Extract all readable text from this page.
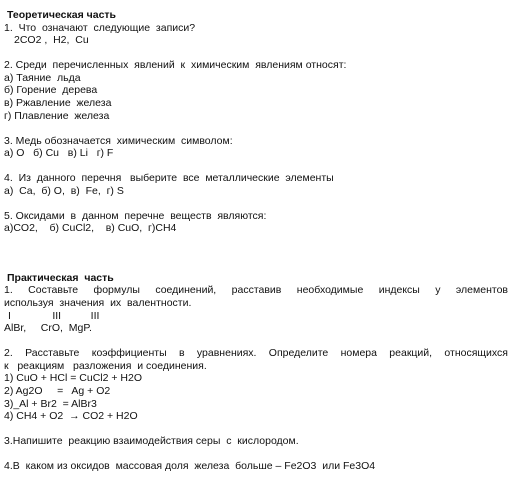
Теоретическая часть
1.  Что  означают  следующие  записи?
2CO2 ,  H2,  Cu
2. Среди  перечисленных  явлений  к  химическим  явлениям относят:
а) Таяние  льда
б) Горение  дерева
в) Ржавление  железа
г) Плавление  железа
3. Медь обозначается  химическим  символом:
а) О   б) Cu   в) Li   г) F
4.  Из  данного  перечня   выберите  все  металлические  элементы
а)  Ca,  б) О,  в)  Fe,  г) S
5. Оксидами  в  данном  перечне  веществ  являются:
а)CO2,    б) CuCl2,    в) CuO,  г)CH4
Практическая  часть
1. Составьте формулы соединений, расставив необходимые индексы у элементов
используя  значения  их  валентности.
I       III     III
AlBr,     CrO,  MgP.
2. Расставьте коэффициенты в уравнениях. Определите номера реакций, относящихся
к   реакциям   разложения  и соединения.
1) CuO + HCl = CuCl2 + H2O
2) Ag2O     =   Ag + O2
3)_Al + Br2  = AlBr3
4) CH4 + O2  → CO2 + H2O
3.Напишите  реакцию взаимодействия серы  с  кислородом.
4.В  каком из оксидов  массовая доля  железа  больше – Fe2O3  или Fe3O4
